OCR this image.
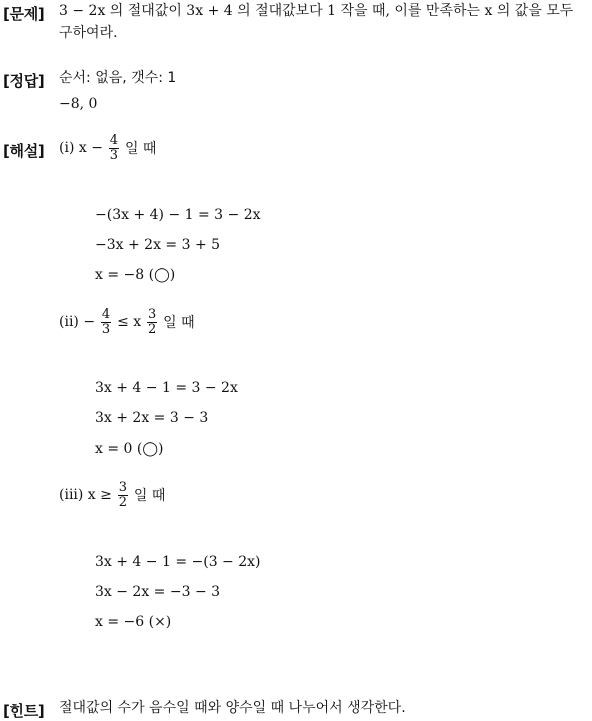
[문제] 3 − 2x 의 절대값이 3x + 4 의 절대값보다 1 작을 때, 이를 만족하는 x 의 값을 모두
구하여라.
[정답] 순서: 없음, 갯수: 1
−8, 0
[해설] (i) $x - \frac{4}{3}$ 일 때
−(3x + 4) − 1 = 3 − 2x
−3x + 2x = 3 + 5
x = −8 (◯)
$(ii) - \frac{4}{3} \le x \frac{3}{2}$ 일 때
3x + 4 − 1 = 3 − 2x
3x + 2x = 3 − 3
x = 0 (◯)
(iii) $x \ge \frac{3}{2}$ 일 때
3x + 4 − 1 = −(3 − 2x)
3x − 2x = −3 − 3
x = −6 (×)
[힌트] 절대값의 수가 음수일 때와 양수일 때 나누어서 생각한다.
